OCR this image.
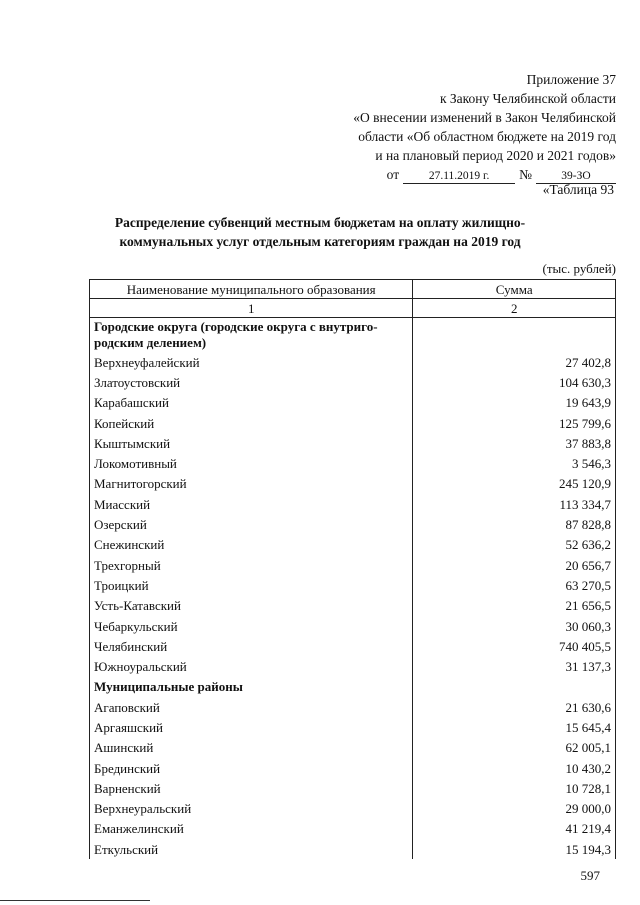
Приложение 37
к Закону Челябинской области
«О внесении изменений в Закон Челябинской
области «Об областном бюджете на 2019 год
и на плановый период 2020 и 2021 годов»
от	27.11.2019 г.	№	39-ЗО
«Таблица 93
Распределение субвенций местным бюджетам на оплату жилищно-
коммунальных услуг отдельным категориям граждан на 2019 год
(тыс. рублей)
Наименование муниципального образования	Сумма
1	2

Городские округа (городские округа с внутриго-
родским делением)	

Верхнеуфалейский	27 402,8
Златоустовский	104 630,3
Карабашский	19 643,9
Копейский	125 799,6
Кыштымский	37 883,8
Локомотивный	3 546,3
Магнитогорский	245 120,9
Миасский	113 334,7
Озерский	87 828,8
Снежинский	52 636,2
Трехгорный	20 656,7
Троицкий	63 270,5
Усть-Катавский	21 656,5
Чебаркульский	30 060,3
Челябинский	740 405,5
Южноуральский	31 137,3
Муниципальные районы	
Агаповский	21 630,6
Аргаяшский	15 645,4
Ашинский	62 005,1
Брединский	10 430,2
Варненский	10 728,1
Верхнеуральский	29 000,0
Еманжелинский	41 219,4
Еткульский	15 194,3
597
